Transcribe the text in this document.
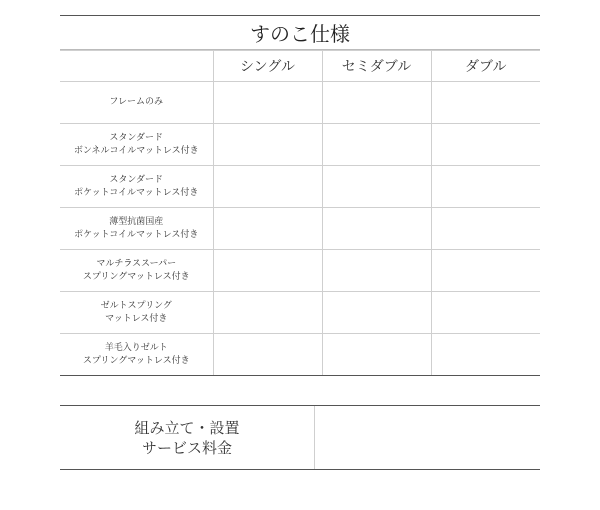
すのこ仕様
	シングル	セミダブル	ダブル

フレームのみ			

スタンダード
ボンネルコイルマットレス付き			

スタンダード
ポケットコイルマットレス付き			

薄型抗菌国産
ポケットコイルマットレス付き			

マルチラススーパー
スプリングマットレス付き			

ゼルトスプリング
マットレス付き			

羊毛入りゼルト
スプリングマットレス付き			

組み立て・設置
サービス料金
